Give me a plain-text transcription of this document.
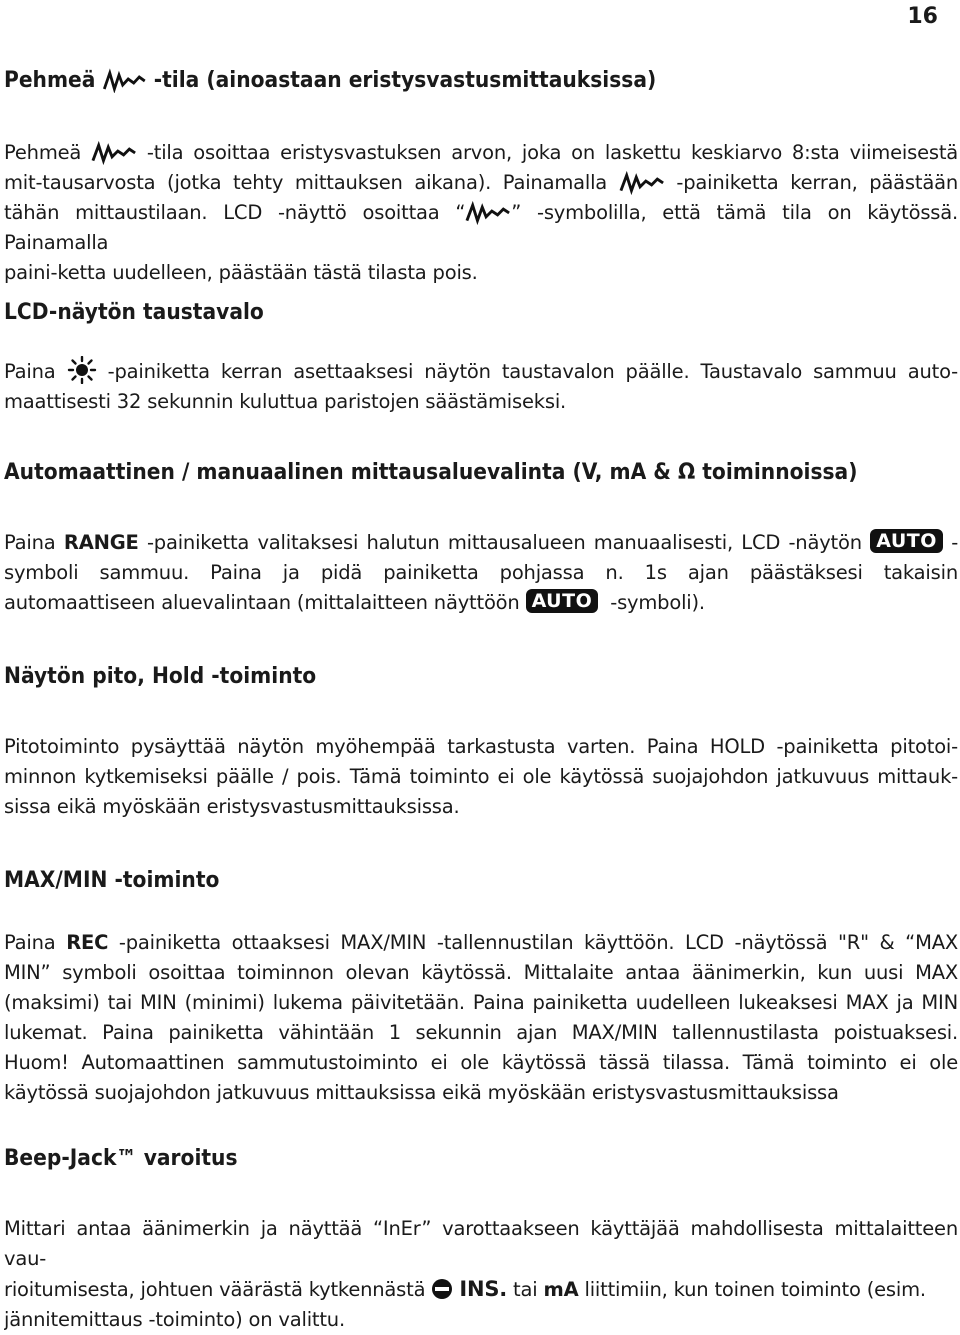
16
Pehmeä	-tila (ainoastaan eristysvastusmittauksissa)
Pehmeä	-tila osoittaa eristysvastuksen arvon, joka on laskettu keskiarvo 8:sta viimeisestä
mit-tausarvosta (jotka tehty mittauksen aikana). Painamalla	-painiketta kerran, päästään
tähän mittaustilaan. LCD -näyttö osoittaa “ ” -symbolilla, että tämä tila on käytössä. Painamalla
paini-ketta uudelleen, päästään tästä tilasta pois.
LCD-näytön taustavalo
Paina	-painiketta kerran asettaaksesi näytön taustavalon päälle. Taustavalo sammuu auto-
maattisesti 32 sekunnin kuluttua paristojen säästämiseksi.
Automaattinen / manuaalinen mittausaluevalinta (V, mA & Ω toiminnoissa)
Paina RANGE -painiketta valitaksesi halutun mittausalueen manuaalisesti, LCD -näytön AUTO -
symboli sammuu. Paina ja pidä painiketta pohjassa n. 1s ajan päästäksesi takaisin
automaattiseen aluevalintaan (mittalaitteen näyttöön AUTO -symboli).
Näytön pito, Hold -toiminto
Pitotoiminto pysäyttää näytön myöhempää tarkastusta varten. Paina HOLD -painiketta pitotoi-
minnon kytkemiseksi päälle / pois. Tämä toiminto ei ole käytössä suojajohdon jatkuvuus mittauk-
sissa eikä myöskään eristysvastusmittauksissa.
MAX/MIN -toiminto
Paina REC -painiketta ottaaksesi MAX/MIN -tallennustilan käyttöön. LCD -näytössä "R" & “MAX
MIN” symboli osoittaa toiminnon olevan käytössä. Mittalaite antaa äänimerkin, kun uusi MAX
(maksimi) tai MIN (minimi) lukema päivitetään. Paina painiketta uudelleen lukeaksesi MAX ja MIN
lukemat. Paina painiketta vähintään 1 sekunnin ajan MAX/MIN tallennustilasta poistuaksesi.
Huom! Automaattinen sammutustoiminto ei ole käytössä tässä tilassa. Tämä toiminto ei ole
käytössä suojajohdon jatkuvuus mittauksissa eikä myöskään eristysvastusmittauksissa
Beep-Jack™ varoitus
Mittari antaa äänimerkin ja näyttää “InEr” varottaakseen käyttäjää mahdollisesta mittalaitteen vau-
rioitumisesta, johtuen väärästä kytkennästä INS. tai mA liittimiin, kun toinen toiminto (esim.
jännitemittaus -toiminto) on valittu.
